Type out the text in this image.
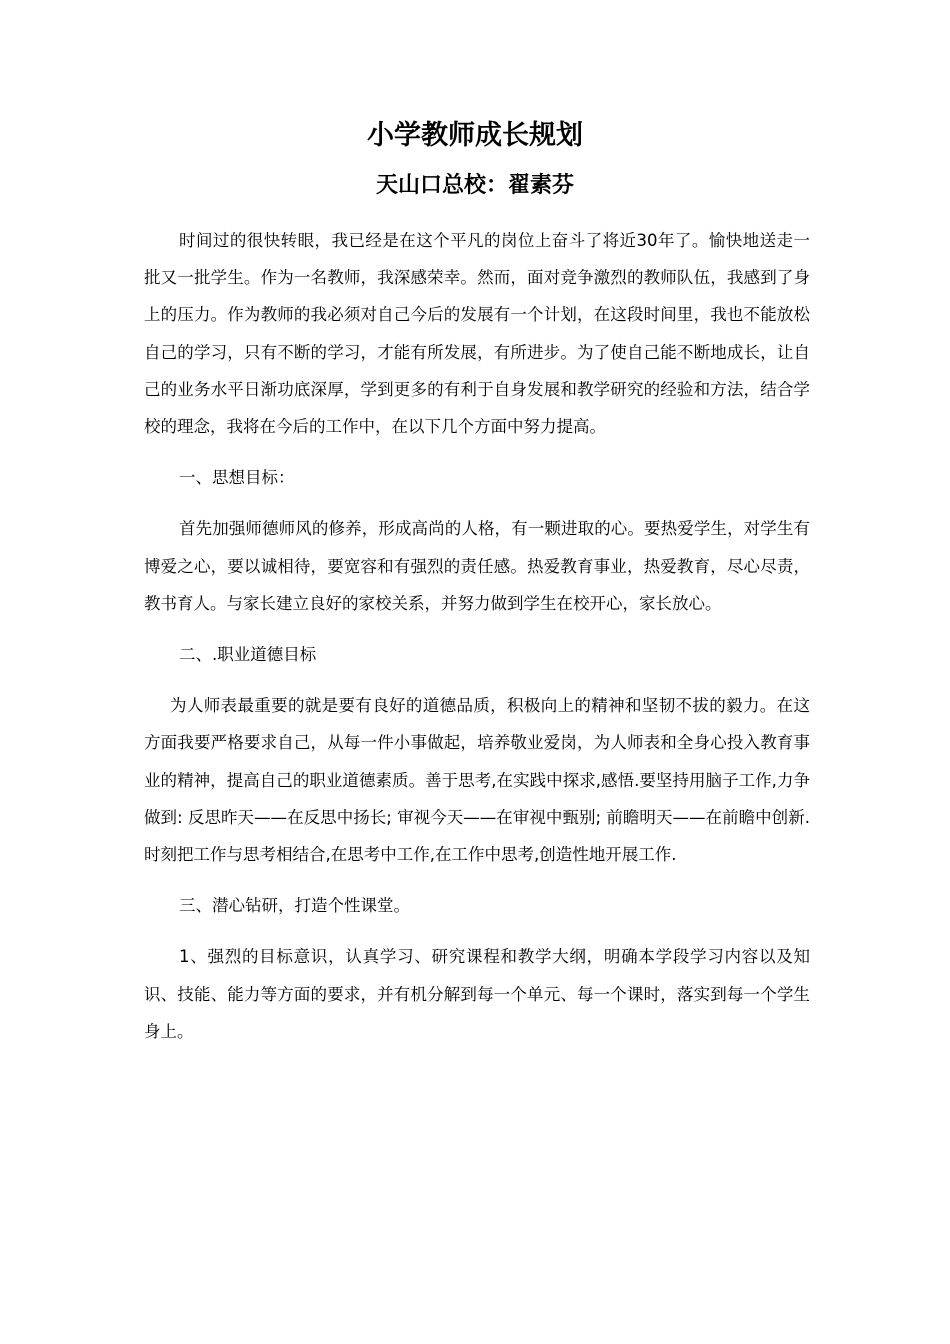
小学教师成长规划
天山口总校：翟素芬

时间过的很快转眼，我已经是在这个平凡的岗位上奋斗了将近30年了。愉快地送走一批又一批学生。作为一名教师，我深感荣幸。然而，面对竞争激烈的教师队伍，我感到了身上的压力。作为教师的我必须对自己今后的发展有一个计划，在这段时间里，我也不能放松自己的学习，只有不断的学习，才能有所发展，有所进步。为了使自己能不断地成长，让自己的业务水平日渐功底深厚，学到更多的有利于自身发展和教学研究的经验和方法，结合学校的理念，我将在今后的工作中，在以下几个方面中努力提高。

一、思想目标：

首先加强师德师风的修养，形成高尚的人格，有一颗进取的心。要热爱学生，对学生有博爱之心，要以诚相待，要宽容和有强烈的责任感。热爱教育事业，热爱教育，尽心尽责，教书育人。与家长建立良好的家校关系，并努力做到学生在校开心，家长放心。

二、.职业道德目标

为人师表最重要的就是要有良好的道德品质，积极向上的精神和坚韧不拔的毅力。在这方面我要严格要求自己，从每一件小事做起，培养敬业爱岗，为人师表和全身心投入教育事业的精神，提高自己的职业道德素质。善于思考,在实践中探求,感悟.要坚持用脑子工作,力争做到: 反思昨天——在反思中扬长; 审视今天——在审视中甄别; 前瞻明天——在前瞻中创新. 时刻把工作与思考相结合,在思考中工作,在工作中思考,创造性地开展工作.

三、潜心钻研，打造个性课堂。

1、强烈的目标意识，认真学习、研究课程和教学大纲，明确本学段学习内容以及知识、技能、能力等方面的要求，并有机分解到每一个单元、每一个课时，落实到每一个学生身上。
